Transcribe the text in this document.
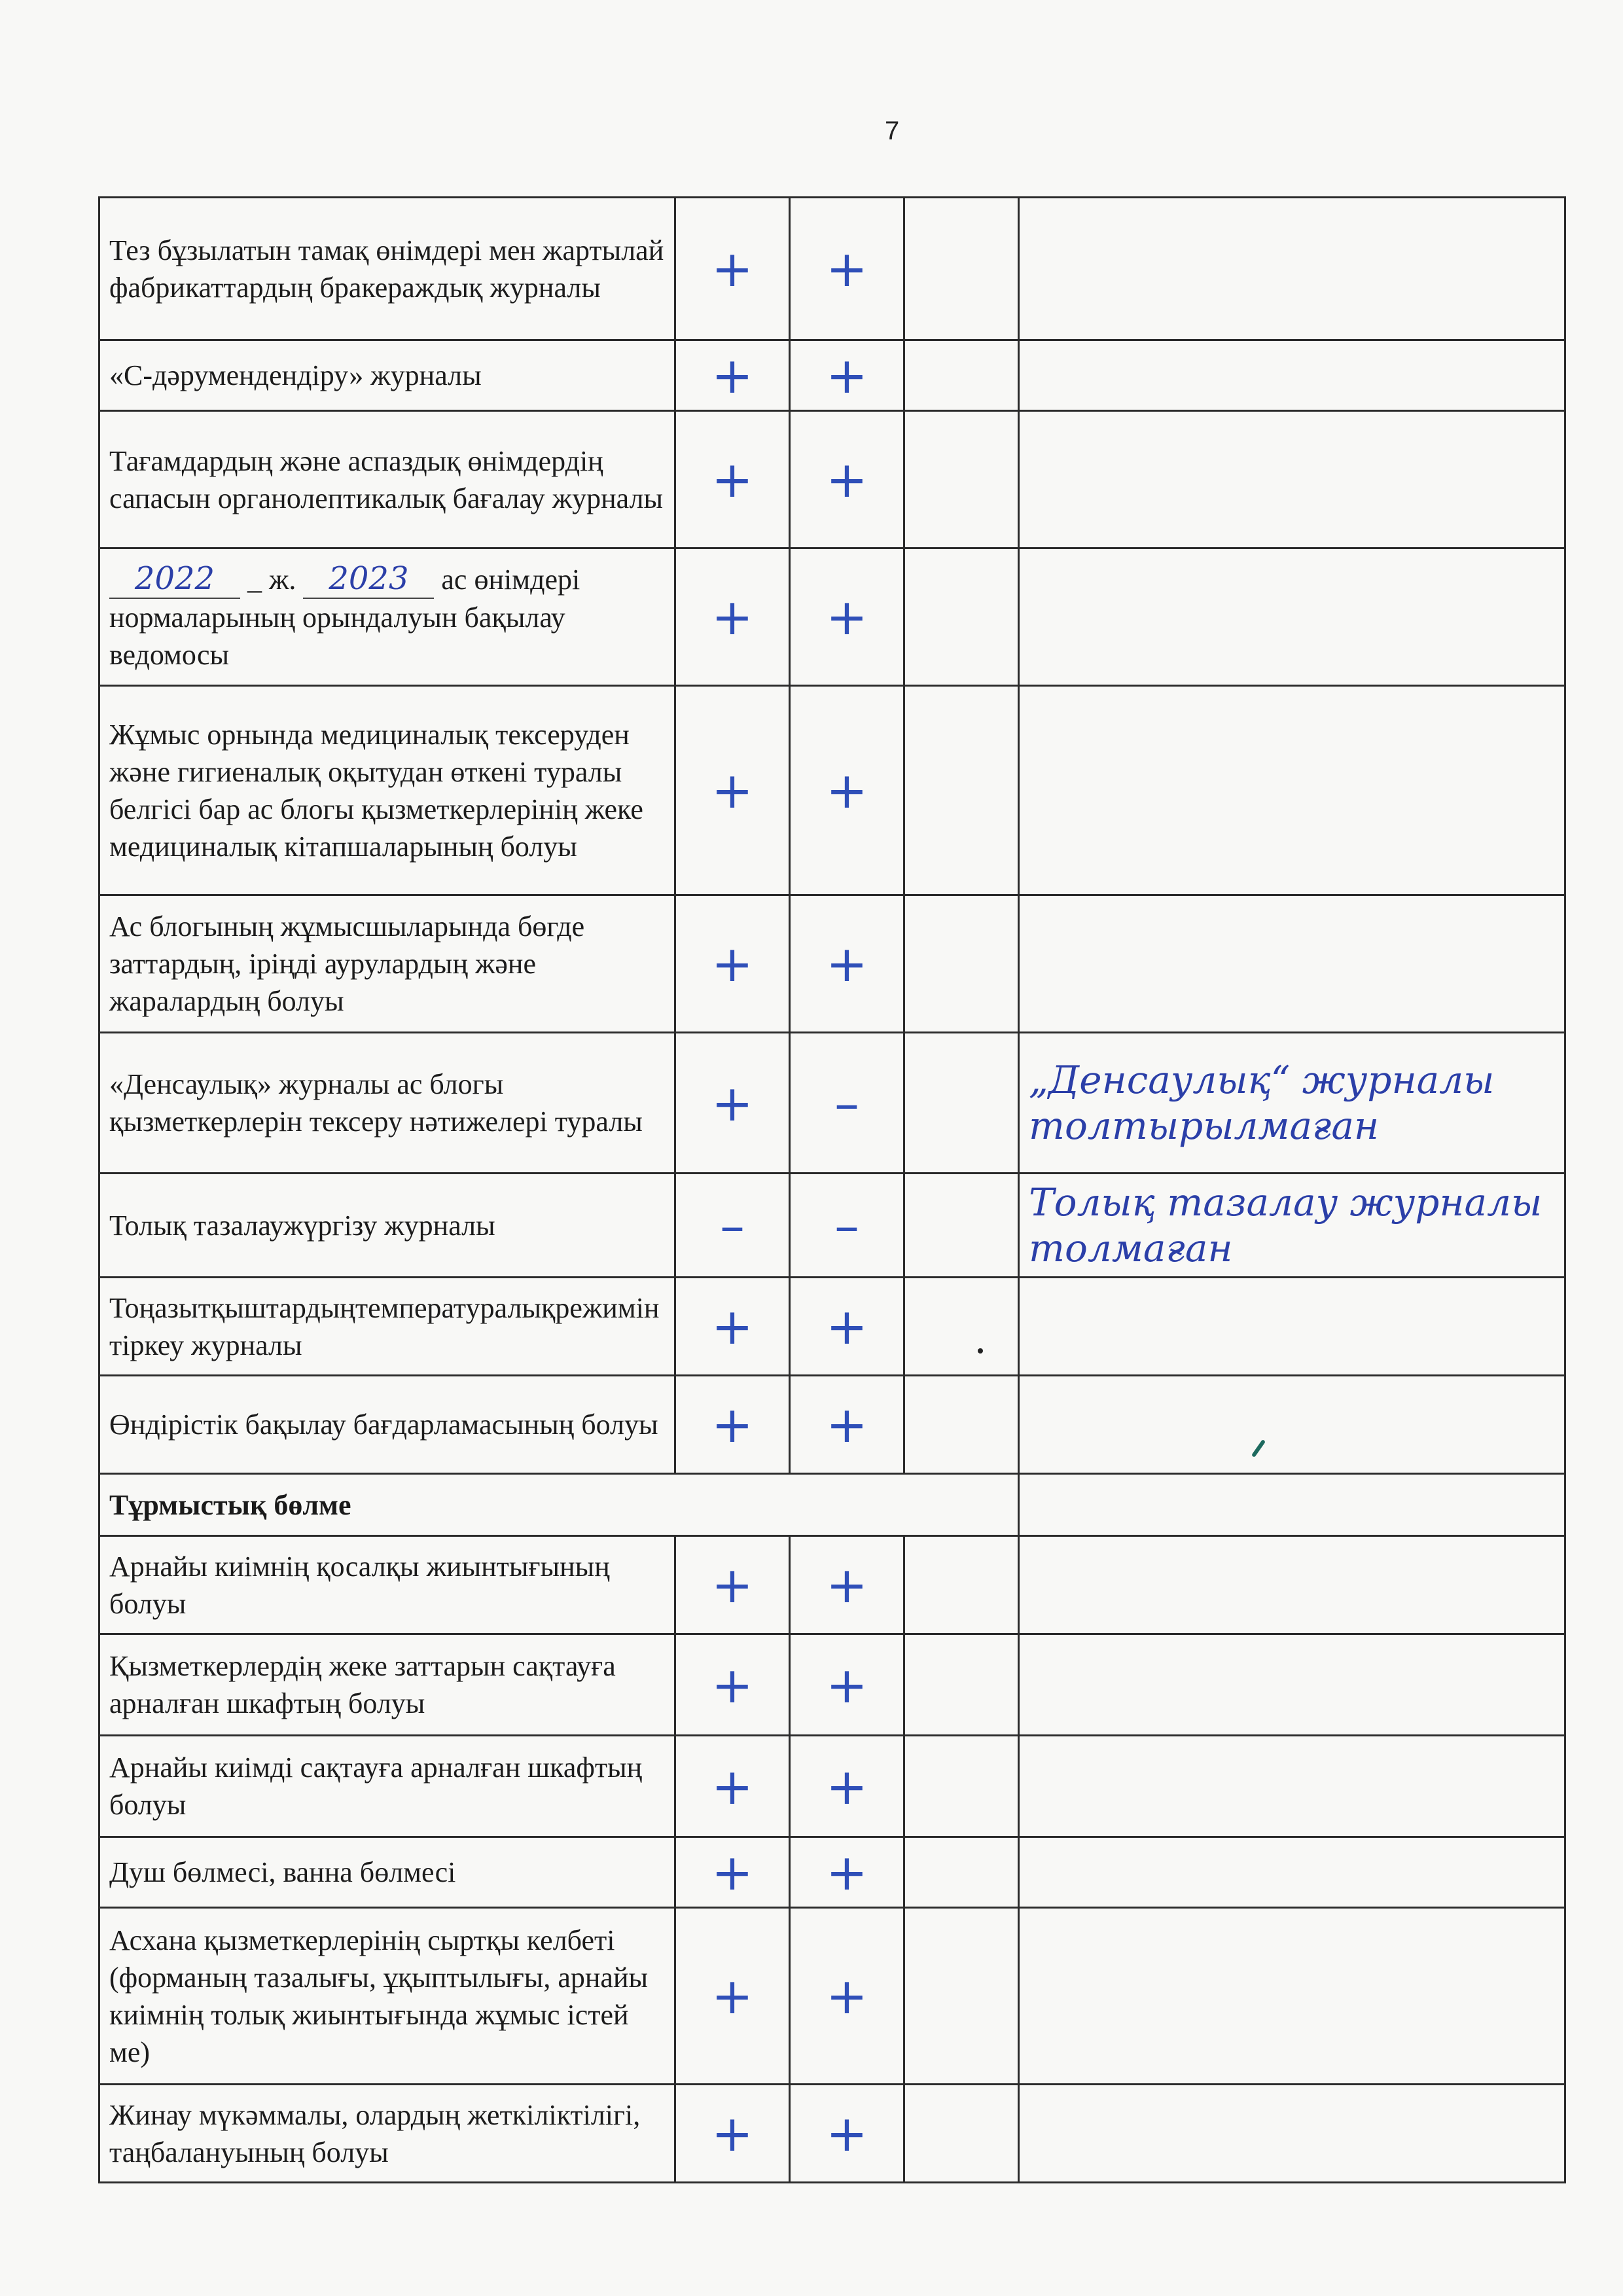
7
Тез бұзылатын тамақ өнімдері мен жартылай фабрикаттардың бракераждық журналы	+	+		
«С-дәрумендендіру» журналы	+	+		
Тағамдардың және аспаздық өнімдердің сапасын органолептикалық бағалау журналы	+	+		
2022 _ ж. 2023 ас өнімдері нормаларының орындалуын бақылау ведомосы	+	+		
Жұмыс орнында медициналық тексеруден және гигиеналық оқытудан өткені туралы белгісі бар ас блогы қызметкерлерінің жеке медициналық кітапшаларының болуы	+	+		
Ас блогының жұмысшыларында бөгде заттардың, іріңді аурулардың және жаралардың болуы	+	+		
«Денсаулық» журналы ас блогы қызметкерлерін тексеру нәтижелері туралы	+	–		„Денсаулық“ журналы толтырылмаған
Толық тазалаужүргізу журналы	–	–		Толық тазалау журналы толмаған
Тоңазытқыштардыңтемпературалықрежимін тіркеу журналы	+	+		
Өндірістік бақылау бағдарламасының болуы	+	+		
Тұрмыстық бөлме				
Арнайы киімнің қосалқы жиынтығының болуы	+	+		
Қызметкерлердің жеке заттарын сақтауға арналған шкафтың болуы	+	+		
Арнайы киімді сақтауға арналған шкафтың болуы	+	+		
Душ бөлмесі, ванна бөлмесі	+	+		
Асхана қызметкерлерінің сыртқы келбеті (форманың тазалығы, ұқыптылығы, арнайы киімнің толық жиынтығында жұмыс істей ме)	+	+		
Жинау мүкәммалы, олардың жеткіліктілігі, таңбалануының болуы	+	+		
